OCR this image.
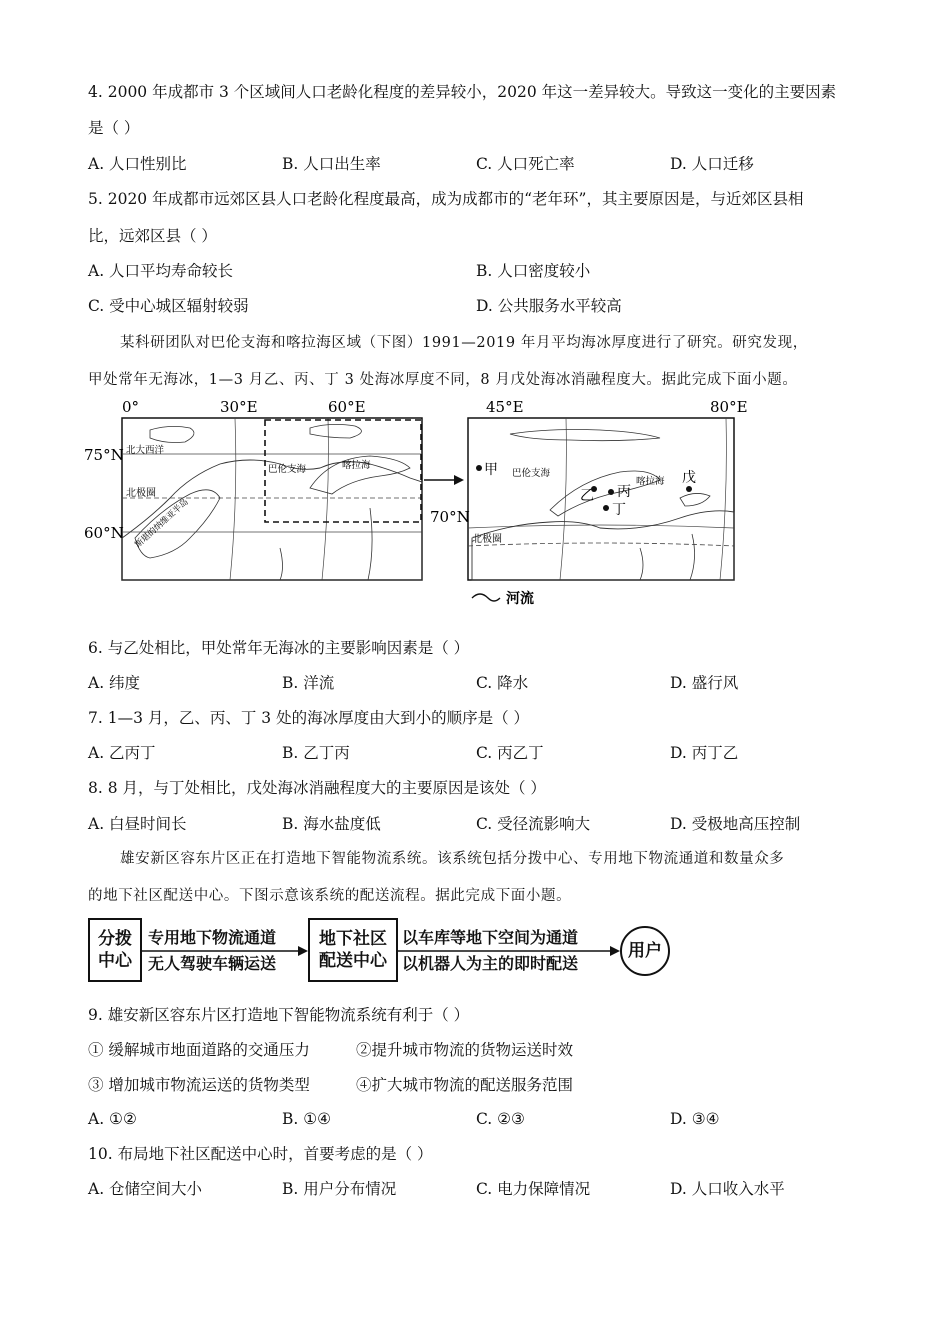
4. 2000 年成都市 3 个区域间人口老龄化程度的差异较小，2020 年这一差异较大。导致这一变化的主要因素
是（ ）
A. 人口性别比	B. 人口出生率	C. 人口死亡率	D. 人口迁移
5. 2020 年成都市远郊区县人口老龄化程度最高，成为成都市的“老年环”，其主要原因是，与近郊区县相
比，远郊区县（ ）
A. 人口平均寿命较长	B. 人口密度较小
C. 受中心城区辐射较弱	D. 公共服务水平较高
某科研团队对巴伦支海和喀拉海区域（下图）1991—2019 年月平均海冰厚度进行了研究。研究发现，
甲处常年无海冰，1—3 月乙、丙、丁 3 处海冰厚度不同，8 月戊处海冰消融程度大。据此完成下面小题。
0°	30°E	60°E
75°N
60°N
北大西洋
巴伦支海	喀拉海
北极圈
斯堪的纳维亚半岛
45°E	80°E
70°N
巴伦支海
喀拉海
北极圈
甲
乙 丙
丁
戊
河流
6. 与乙处相比，甲处常年无海冰的主要影响因素是（ ）
A. 纬度	B. 洋流	C. 降水	D. 盛行风
7. 1—3 月，乙、丙、丁 3 处的海冰厚度由大到小的顺序是（ ）
A. 乙丙丁	B. 乙丁丙	C. 丙乙丁	D. 丙丁乙
8. 8 月，与丁处相比，戊处海冰消融程度大的主要原因是该处（ ）
A. 白昼时间长	B. 海水盐度低	C. 受径流影响大	D. 受极地高压控制
雄安新区容东片区正在打造地下智能物流系统。该系统包括分拨中心、专用地下物流通道和数量众多
的地下社区配送中心。下图示意该系统的配送流程。据此完成下面小题。
分拨
中心
专用地下物流通道
无人驾驶车辆运送
地下社区
配送中心
以车库等地下空间为通道
以机器人为主的即时配送
用户
9. 雄安新区容东片区打造地下智能物流系统有利于（ ）
① 缓解城市地面道路的交通压力	②提升城市物流的货物运送时效
③ 增加城市物流运送的货物类型	④扩大城市物流的配送服务范围
A. ①②	B. ①④	C. ②③	D. ③④
10. 布局地下社区配送中心时，首要考虑的是（ ）
A. 仓储空间大小	B. 用户分布情况	C. 电力保障情况	D. 人口收入水平
